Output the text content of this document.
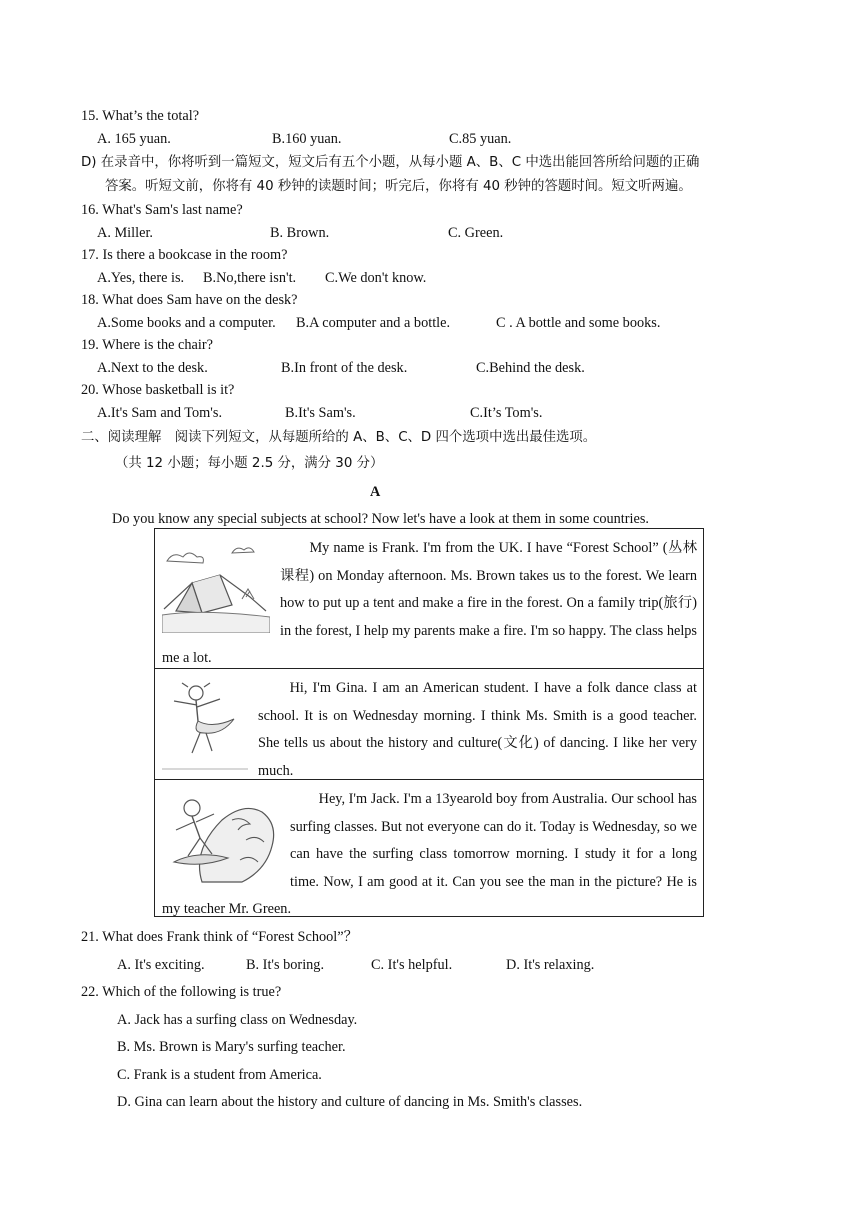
15. What’s the total?
A. 165 yuan.	B.160 yuan.	C.85 yuan.
D) 在录音中，你将听到一篇短文，短文后有五个小题，从每小题 A、B、C 中选出能回答所给问题的正确
答案。听短文前，你将有 40 秒钟的读题时间；听完后，你将有 40 秒钟的答题时间。短文听两遍。
16. What's Sam's last name?
A. Miller.	B. Brown.	C. Green.
17. Is there a bookcase in the room?
A.Yes, there is. B.No,there isn't. C.We don't know.
18. What does Sam have on the desk?
A.Some books and a computer. B.A computer and a bottle.	C . A bottle and some books.
19. Where is the chair?
A.Next to the desk.	B.In front of the desk.	C.Behind the desk.
20. Whose basketball is it?
A.It's Sam and Tom's.	B.It's Sam's.	C.It’s Tom's.
二、阅读理解　阅读下列短文，从每题所给的 A、B、C、D 四个选项中选出最佳选项。
（共 12 小题；每小题 2.5 分，满分 30 分）
A
Do you know any special subjects at school? Now let's have a look at them in some countries.

　　My name is Frank. I'm from the UK. I have “Forest School” (丛林课程) on Monday afternoon. Ms. Brown takes us to the forest. We learn how to put up a tent and make a fire in the forest. On a family trip(旅行) in the forest, I help my parents make a fire. I'm so happy. The class helps me a lot.

　　Hi, I'm Gina. I am an American student. I have a folk dance class at school. It is on Wednesday morning. I think Ms. Smith is a good teacher. She tells us about the history and culture(文化) of dancing. I like her very much.

　　Hey, I'm Jack. I'm a 13yearold boy from Australia. Our school has surfing classes. But not everyone can do it. Today is Wednesday, so we can have the surfing class tomorrow morning. I study it for a long time. Now, I am good at it. Can you see the man in the picture? He is my teacher Mr. Green.

21. What does Frank think of “Forest School”？
A. It's exciting.	B. It's boring.	C. It's helpful.	D. It's relaxing.
22. Which of the following is true?
A. Jack has a surfing class on Wednesday.
B. Ms. Brown is Mary's surfing teacher.
C. Frank is a student from America.
D. Gina can learn about the history and culture of dancing in Ms. Smith's classes.
